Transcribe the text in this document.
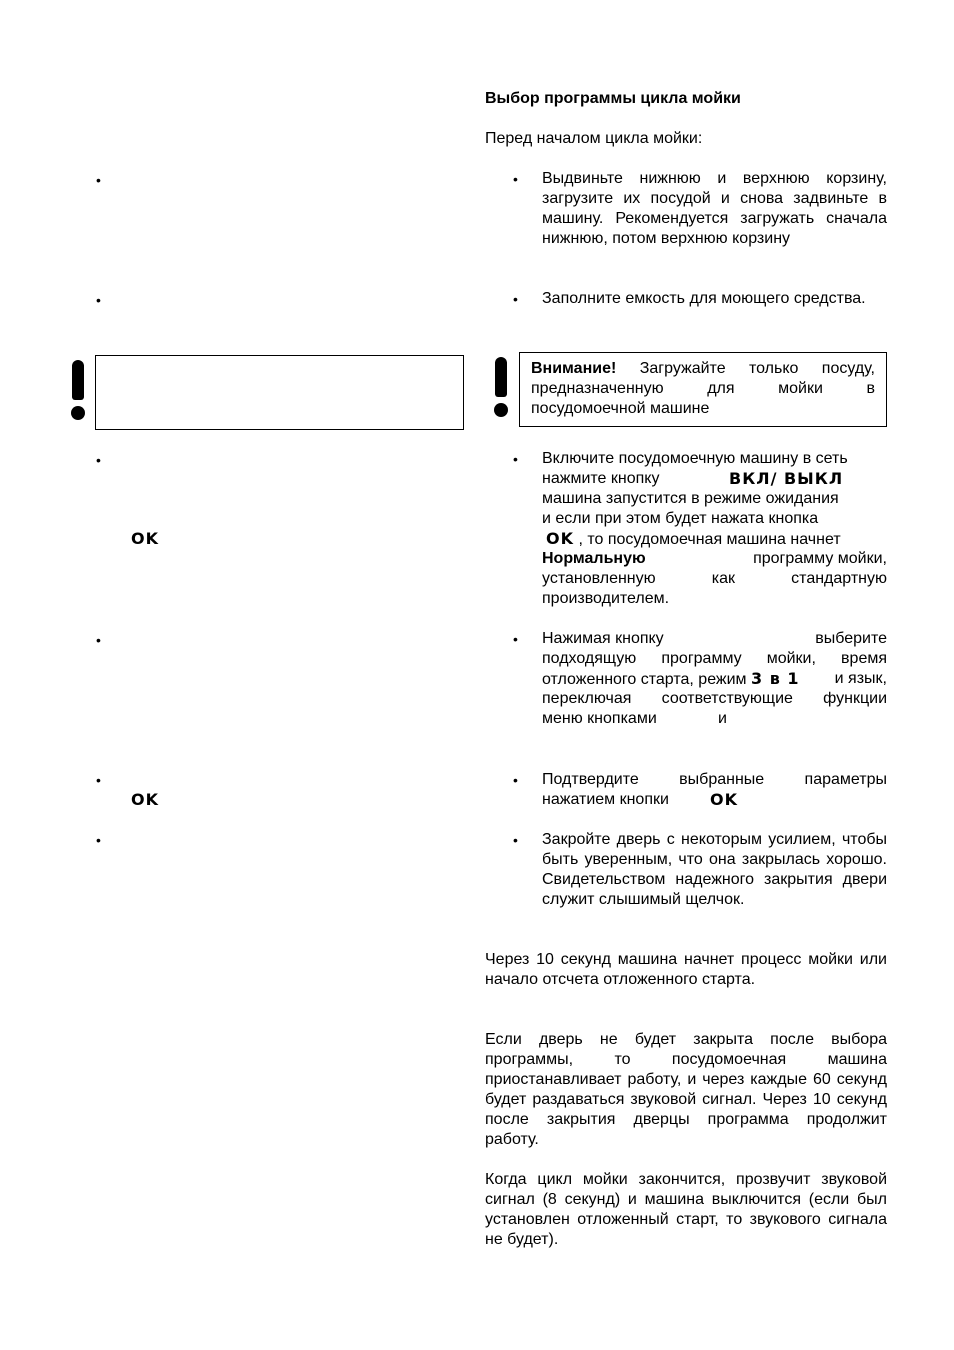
•
•
•
OK
•
•
OK
•
Выбор программы цикла мойки
Перед началом цикла мойки:
• Выдвиньте нижнюю и верхнюю корзину, загрузите их посудой и снова задвиньте в машину. Рекомендуется загружать сначала нижнюю, потом верхнюю корзину
• Заполните емкость для моющего средства.
Внимание! Загружайте только посуду, предназначенную для мойки в посудомоечной машине
• Включите посудомоечную машину в сеть
нажмите кнопку	ВКЛ/ ВЫКЛ
машина запустится в режиме ожидания
и если при этом будет нажата кнопка
OK , то посудомоечная машина начнет
Нормальную	программу мойки,
установленную как стандартную
производителем.
• Нажимая кнопку	выберите
подходящую программу мойки, время
отложенного старта, режим 3 в 1 и язык,
переключая соответствующие функции
меню кнопками	и
• Подтвердите выбранные параметры
нажатием кнопки	OK
• Закройте дверь с некоторым усилием, чтобы быть уверенным, что она закрылась хорошо. Свидетельством надежного закрытия двери служит слышимый щелчок.
Через 10 секунд машина начнет процесс мойки или начало отсчета отложенного старта.
Если дверь не будет закрыта после выбора программы, то посудомоечная машина приостанавливает работу, и через каждые 60 секунд будет раздаваться звуковой сигнал. Через 10 секунд после закрытия дверцы программа продолжит работу.
Когда цикл мойки закончится, прозвучит звуковой сигнал (8 секунд) и машина выключится (если был установлен отложенный старт, то звукового сигнала не будет).
